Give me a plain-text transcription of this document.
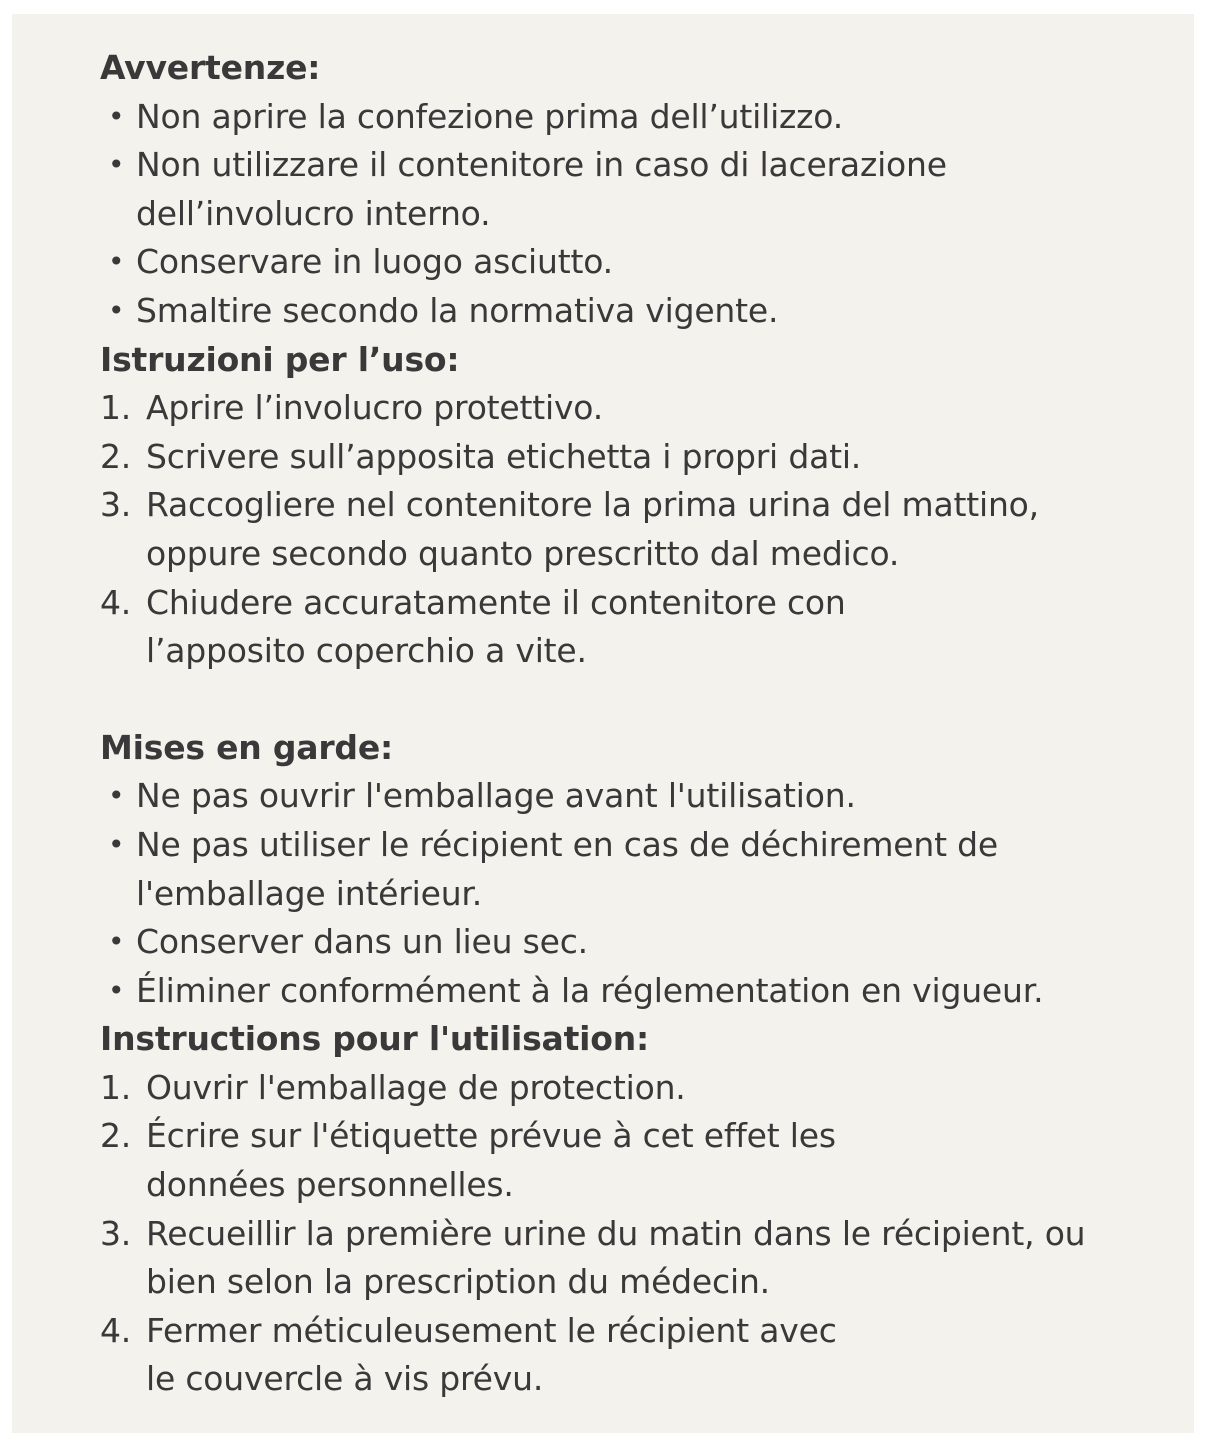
Avvertenze:

• Non aprire la confezione prima dell’utilizzo.
• Non utilizzare il contenitore in caso di lacerazione dell’involucro interno.
• Conservare in luogo asciutto.
• Smaltire secondo la normativa vigente.

Istruzioni per l’uso:

1. Aprire l’involucro protettivo.
2. Scrivere sull’apposita etichetta i propri dati.
3. Raccogliere nel contenitore la prima urina del mattino, oppure secondo quanto prescritto dal medico.
4. Chiudere accuratamente il contenitore con l’apposito coperchio a vite.

Mises en garde:

• Ne pas ouvrir l'emballage avant l'utilisation.
• Ne pas utiliser le récipient en cas de déchirement de l'emballage intérieur.
• Conserver dans un lieu sec.
• Éliminer conformément à la réglementation en vigueur.

Instructions pour l'utilisation:

1. Ouvrir l'emballage de protection.
2. Écrire sur l'étiquette prévue à cet effet les données personnelles.
3. Recueillir la première urine du matin dans le récipient, ou bien selon la prescription du médecin.
4. Fermer méticuleusement le récipient avec le couvercle à vis prévu.
